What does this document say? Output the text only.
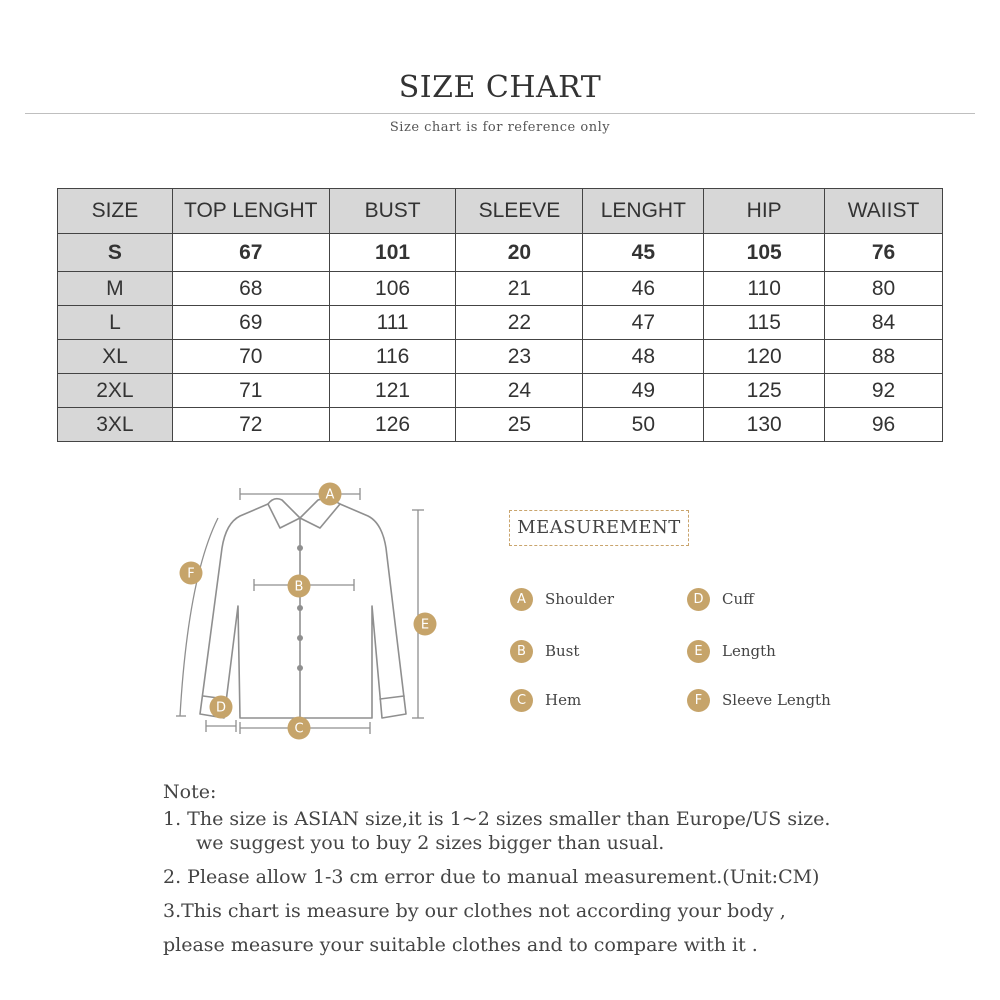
SIZE CHART
Size chart is for reference only
SIZE	TOP LENGHT	BUST	SLEEVE	LENGHT	HIP	WAIIST
S	67	101	20	45	105	76
M	68	106	21	46	110	80
L	69	111	22	47	115	84
XL	70	116	23	48	120	88
2XL	71	121	24	49	125	92
3XL	72	126	25	50	130	96
A
B
C
D
E
F
MEASUREMENT
A	Shoulder
B	Bust
C	Hem
D	Cuff
E	Length
F	Sleeve Length
Note:
1. The size is ASIAN size,it is 1~2 sizes smaller than Europe/US size.
we suggest you to buy 2 sizes bigger than usual.
2. Please allow 1-3 cm error due to manual measurement.(Unit:CM)
3.This chart is measure by our clothes not according your body ,
please measure your suitable clothes and to compare with it .
